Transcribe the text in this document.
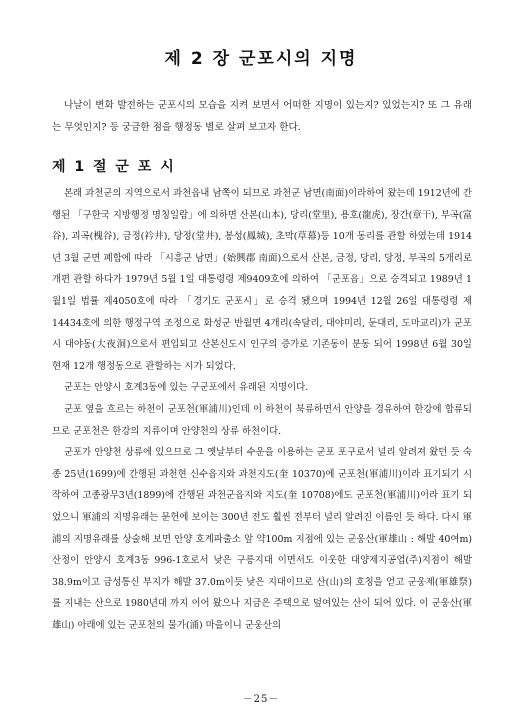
제 2 장 군포시의 지명

나날이 변화 발전하는 군포시의 모습을 지켜 보면서 어떠한 지명이 있는지? 있었는지? 또 그 유래는 무엇인지? 등 궁금한 점을 행정동 별로 살펴 보고자 한다.

제 1 절 군 포 시

본래 과천군의 지역으로서 과천읍내 남쪽이 되므로 과천군 남면(南面)이라하여 왔는데 1912년에 간행된 「구한국 지방행정 명칭일람」에 의하면 산본(山本), 당리(堂里), 용호(龍虎), 장간(章干), 부곡(富谷), 괴곡(槐谷), 금정(衿井), 당정(堂井), 봉성(鳳城), 초막(草幕)등 10개 동리를 관할 하였는데 1914년 3월 군면 폐합에 따라 「시흥군 남면」(始興郡 南面)으로서 산본, 금정, 당리, 당정, 부곡의 5개리로 개편 관할 하다가 1979년 5월 1일 대통령령 제9409호에 의하여 「군포읍」으로 승격되고 1989년 1월1일 법률 제4050호에 따라 「경기도 군포시」로 승격 됐으며 1994년 12월 26일 대통령령 제14434호에 의한 행정구역 조정으로 화성군 반월면 4개리(속달리, 대야미리, 둔대리, 도마교리)가 군포시 대야동(大夜洞)으로서 편입되고 산본신도시 인구의 증가로 기존동이 분동 되어 1998년 6월 30일 현재 12개 행정동으로 관할하는 시가 되었다.

군포는 안양시 호계3동에 있는 구군포에서 유래된 지명이다.

군포 옆을 흐르는 하천이 군포천(軍浦川)인데 이 하천이 북류하면서 안양을 경유하여 한강에 합류되므로 군포천은 한강의 지류이며 안양천의 상류 하천이다.

군포가 안양천 상류에 있으므로 그 옛날부터 수운을 이용하는 군포 포구로서 널리 알려져 왔던 듯 숙종 25년(1699)에 간행된 과천현 신수읍지와 과천지도(奎 10370)에 군포천(軍浦川)이라 표기되기 시작하여 고종광무3년(1899)에 간행된 과천군읍지와 지도(奎 10708)에도 군포천(軍浦川)이라 표기 되었으니 軍浦의 지명유래는 문헌에 보이는 300년 전도 훨씬 전부터 널리 알려진 이름인 듯 하다. 다시 軍浦의 지명유래를 상술해 보면 안양 호계파출소 앞 약100m 지점에 있는 군웅산(軍雄山 : 해발 40여m) 산정이 안양시 호계3동 996-1호로서 낮은 구릉지대 이면서도 이웃한 대양제지공업(주)지점이 해발 38.9m이고 금성통신 부지가 해발 37.0m이듯 낮은 지대이므로 산(山)의 호칭을 얻고 군웅제(軍雄祭)를 지내는 산으로 1980년대 까지 이어 왔으나 지금은 주택으로 덮여있는 산이 되어 있다. 이 군웅산(軍雄山) 아래에 있는 군포천의 물가(涌) 마을이니 군웅산의

－25－
